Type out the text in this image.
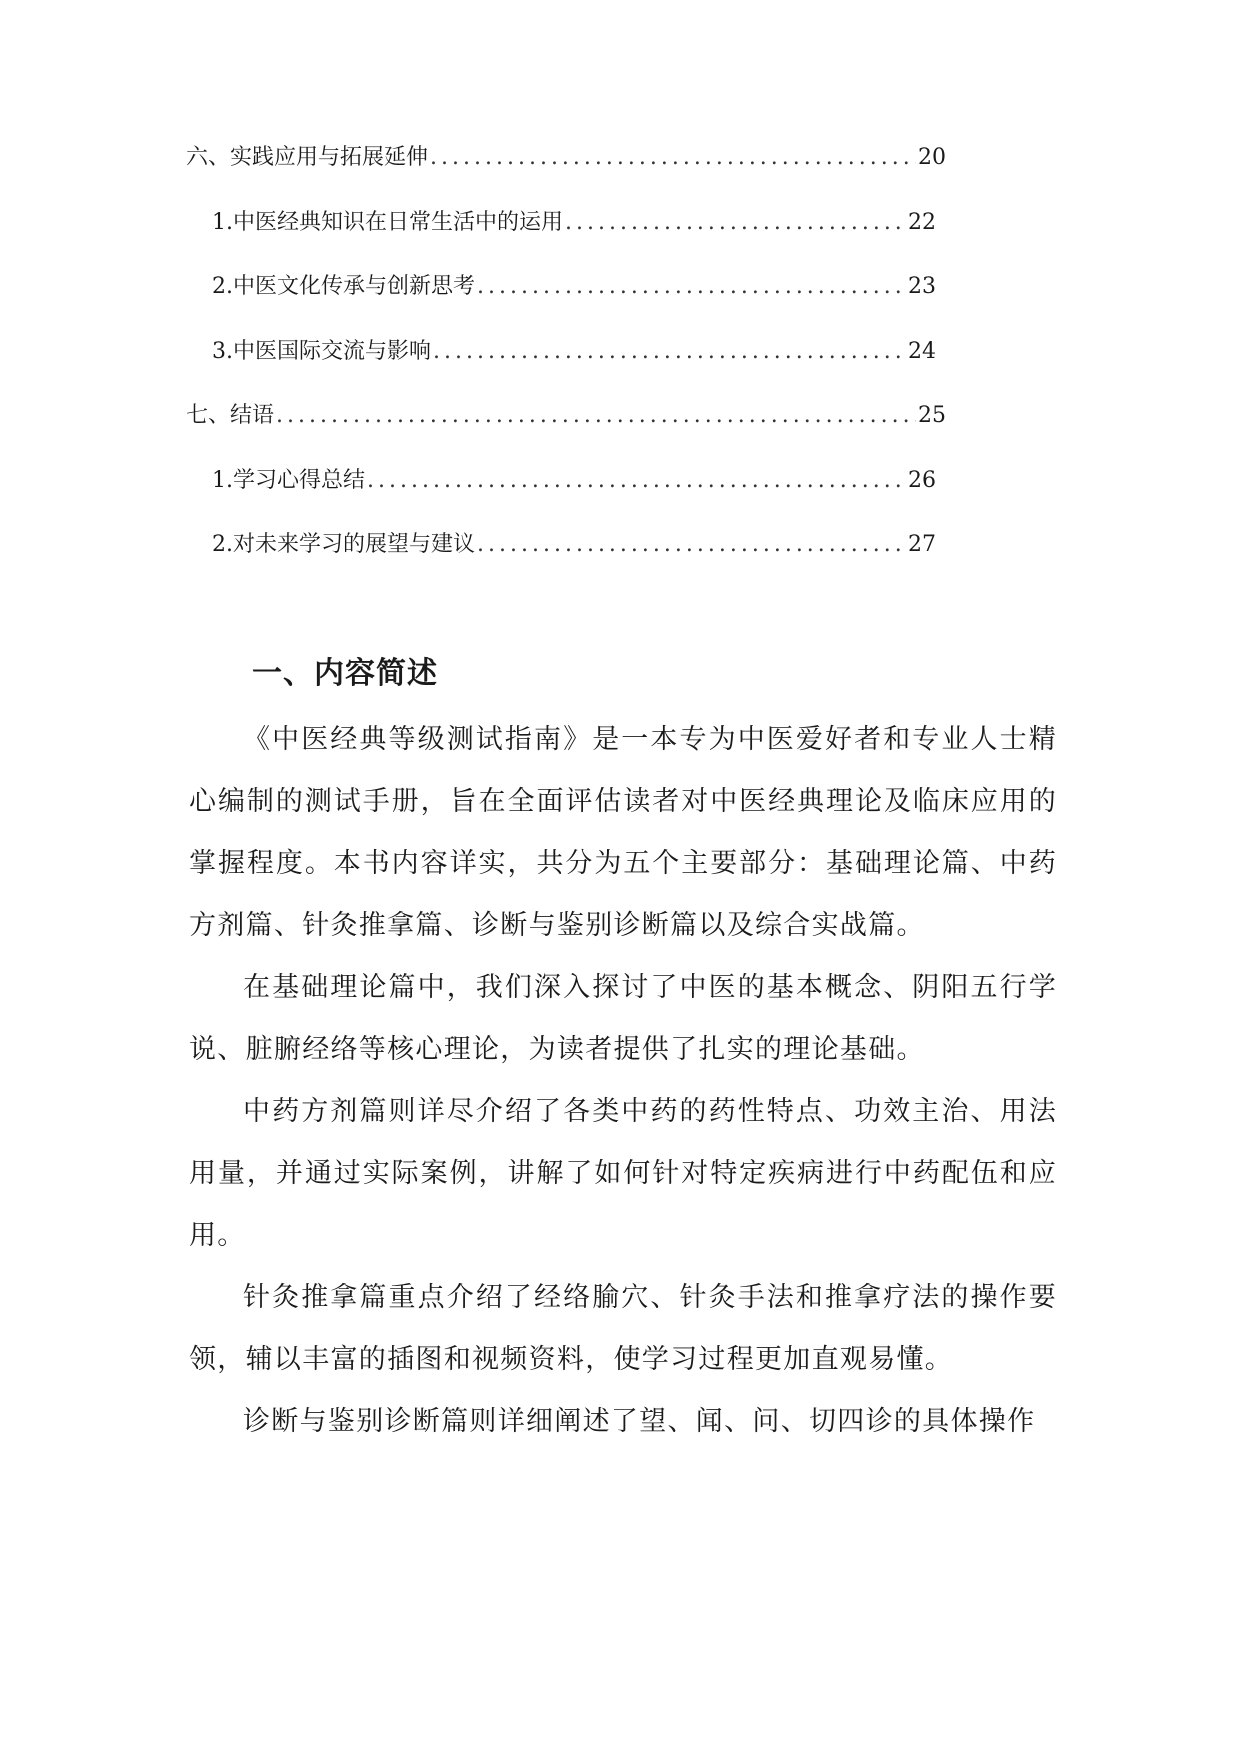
六、实践应用与拓展延伸 .....	20
1. 中医经典知识在日常生活中的运用 .....	22
2. 中医文化传承与创新思考 .....	23
3. 中医国际交流与影响 .....	24
七、结语 .....	25
1. 学习心得总结 .....	26
2. 对未来学习的展望与建议 .....	27
一、内容简述

《中医经典等级测试指南》是一本专为中医爱好者和专业人士精心编制的测试手册，旨在全面评估读者对中医经典理论及临床应用的掌握程度。本书内容详实，共分为五个主要部分：基础理论篇、中药方剂篇、针灸推拿篇、诊断与鉴别诊断篇以及综合实战篇。

在基础理论篇中，我们深入探讨了中医的基本概念、阴阳五行学说、脏腑经络等核心理论，为读者提供了扎实的理论基础。

中药方剂篇则详尽介绍了各类中药的药性特点、功效主治、用法用量，并通过实际案例，讲解了如何针对特定疾病进行中药配伍和应用。

针灸推拿篇重点介绍了经络腧穴、针灸手法和推拿疗法的操作要领，辅以丰富的插图和视频资料，使学习过程更加直观易懂。

诊断与鉴别诊断篇则详细阐述了望、闻、问、切四诊的具体操作
